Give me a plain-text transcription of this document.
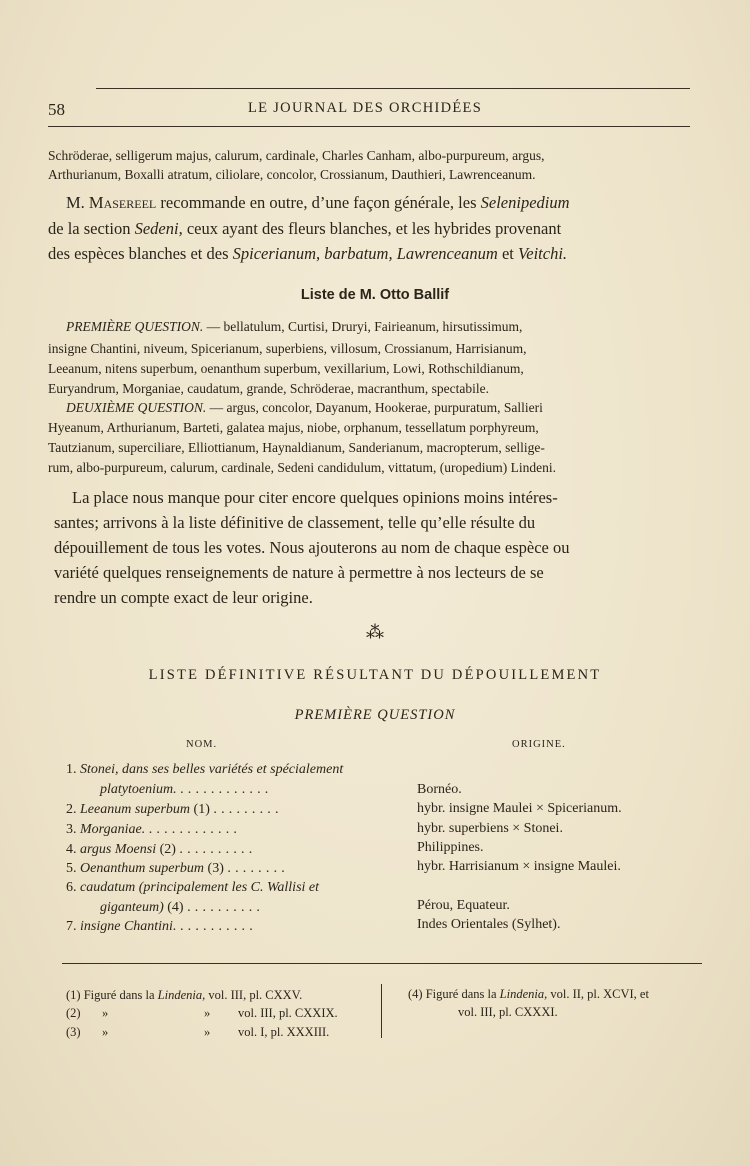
58	LE JOURNAL DES ORCHIDÉES
Schröderae, selligerum majus, calurum, cardinale, Charles Canham, albo-purpureum, argus,
Arthurianum, Boxalli atratum, ciliolare, concolor, Crossianum, Dauthieri, Lawrenceanum.
M. Masereel recommande en outre, d’une façon générale, les Selenipedium
de la section Sedeni, ceux ayant des fleurs blanches, et les hybrides provenant
des espèces blanches et des Spicerianum, barbatum, Lawrenceanum et Veitchi.
Liste de M. Otto Ballif
PREMIÈRE QUESTION. — bellatulum, Curtisi, Druryi, Fairieanum, hirsutissimum,
insigne Chantini, niveum, Spicerianum, superbiens, villosum, Crossianum, Harrisianum,
Leeanum, nitens superbum, oenanthum superbum, vexillarium, Lowi, Rothschildianum,
Euryandrum, Morganiae, caudatum, grande, Schröderae, macranthum, spectabile.
DEUXIÈME QUESTION. — argus, concolor, Dayanum, Hookerae, purpuratum, Sallieri
Hyeanum, Arthurianum, Barteti, galatea majus, niobe, orphanum, tessellatum porphyreum,
Tautzianum, superciliare, Elliottianum, Haynaldianum, Sanderianum, macropterum, sellige-
rum, albo-purpureum, calurum, cardinale, Sedeni candidulum, vittatum, (uropedium) Lindeni.
La place nous manque pour citer encore quelques opinions moins intéres-
santes; arrivons à la liste définitive de classement, telle qu’elle résulte du
dépouillement de tous les votes. Nous ajouterons au nom de chaque espèce ou
variété quelques renseignements de nature à permettre à nos lecteurs de se
rendre un compte exact de leur origine.
⁂
LISTE DÉFINITIVE RÉSULTANT DU DÉPOUILLEMENT
PREMIÈRE QUESTION
NOM.	ORIGINE.
1. Stonei, dans ses belles variétés et spécialement
platytoenium. ............	Bornéo.
2. Leeanum superbum (1) .........	hybr. insigne Maulei × Spicerianum.
3. Morganiae. ............	hybr. superbiens × Stonei.
4. argus Moensi (2) ..........	Philippines.
5. Oenanthum superbum (3) ........	hybr. Harrisianum × insigne Maulei.
6. caudatum (principalement les C. Wallisi et
giganteum) (4) ..........	Pérou, Equateur.
7. insigne Chantini. ..........	Indes Orientales (Sylhet).
(1) Figuré dans la Lindenia, vol. III, pl. CXXV.
(2) »	» vol. III, pl. CXXIX.
(3) »	» vol. I, pl. XXXIII.
(4) Figuré dans la Lindenia, vol. II, pl. XCVI, et
vol. III, pl. CXXXI.
